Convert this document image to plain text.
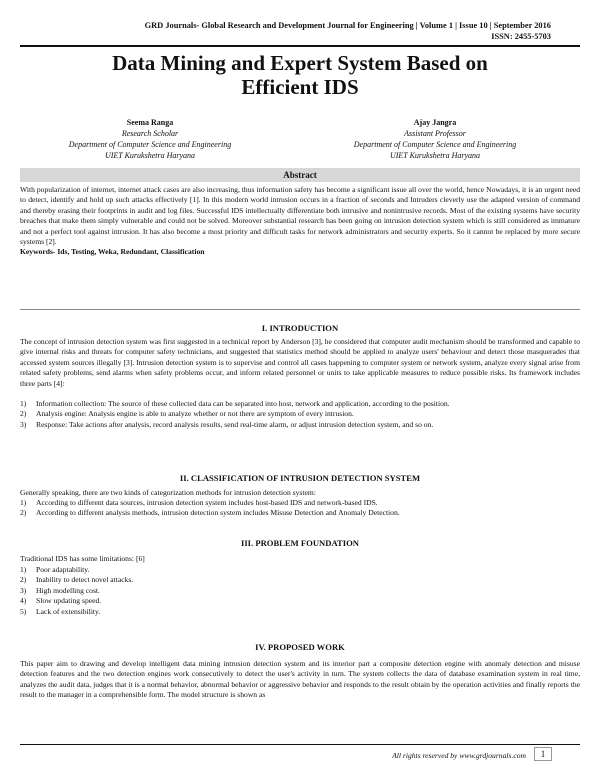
GRD Journals- Global Research and Development Journal for Engineering | Volume 1 | Issue 10 | September 2016
ISSN: 2455-5703
Data Mining and Expert System Based on
Efficient IDS
Seema Ranga
Research Scholar
Department of Computer Science and Engineering
UIET Kurukshetra Haryana
Ajay Jangra
Assistant Professor
Department of Computer Science and Engineering
UIET Kurukshetra Haryana
Abstract
With popularization of internet, internet attack cases are also increasing, thus information safety has become a significant issue all over the world, hence Nowadays, it is an urgent need to detect, identify and hold up such attacks effectively [1]. In this modern world intrusion occurs in a fraction of seconds and Intruders cleverly use the adapted version of command and thereby erasing their footprints in audit and log files. Successful IDS intellectually differentiate both intrusive and nonintrusive records. Most of the existing systems have security breaches that make them simply vulnerable and could not be solved. Moreover substantial research has been going on intrusion detection system which is still considered as immature and not a perfect tool against intrusion. It has also become a most priority and difficult tasks for network administrators and security experts. So it cannot be replaced by more secure systems [2].
Keywords- Ids, Testing, Weka, Redundant, Classification
I. INTRODUCTION
The concept of intrusion detection system was first suggested in a technical report by Anderson [3], he considered that computer audit mechanism should be transformed and capable to give internal risks and threats for computer safety technicians, and suggested that statistics method should be applied to analyze users' behaviour and detect those masquerades that accessed system sources illegally [3]. Intrusion detection system is to supervise and control all cases happening to computer system or network system, analyze every signal arise from related safety problems, send alarms when safety problems occur, and inform related personnel or units to take applicable measures to reduce possible risks. Its framework includes three parts [4]:
1)	Information collection: The source of these collected data can be separated into host, network and application, according to the position.
2)	Analysis engine: Analysis engine is able to analyze whether or not there are symptom of every intrusion.
3)	Response: Take actions after analysis, record analysis results, send real-time alarm, or adjust intrusion detection system, and so on.
II. CLASSIFICATION OF INTRUSION DETECTION SYSTEM
Generally speaking, there are two kinds of categorization methods for intrusion detection system:
1)	According to different data sources, intrusion detection system includes host-based IDS and network-based IDS.
2)	According to different analysis methods, intrusion detection system includes Misuse Detection and Anomaly Detection.
III. PROBLEM FOUNDATION
Traditional IDS has some limitations: [6]
1)	Poor adaptability.
2)	Inability to detect novel attacks.
3)	High modelling cost.
4)	Slow updating speed.
5)	Lack of extensibility.
IV. PROPOSED WORK
This paper aim to drawing and develop intelligent data mining intrusion detection system and its interior part a composite detection engine with anomaly detection and misuse detection features and the two detection engines work consecutively to detect the user's activity in turn. The system collects the data of database examination system in real time, analyzes the audit data, judges that it is a normal behavior, abnormal behavior or aggressive behavior and responds to the result obtain by the operation activities and finally reports the result to the manager in a comprehensible form. The model structure is shown as
All rights reserved by www.grdjournals.com	1
